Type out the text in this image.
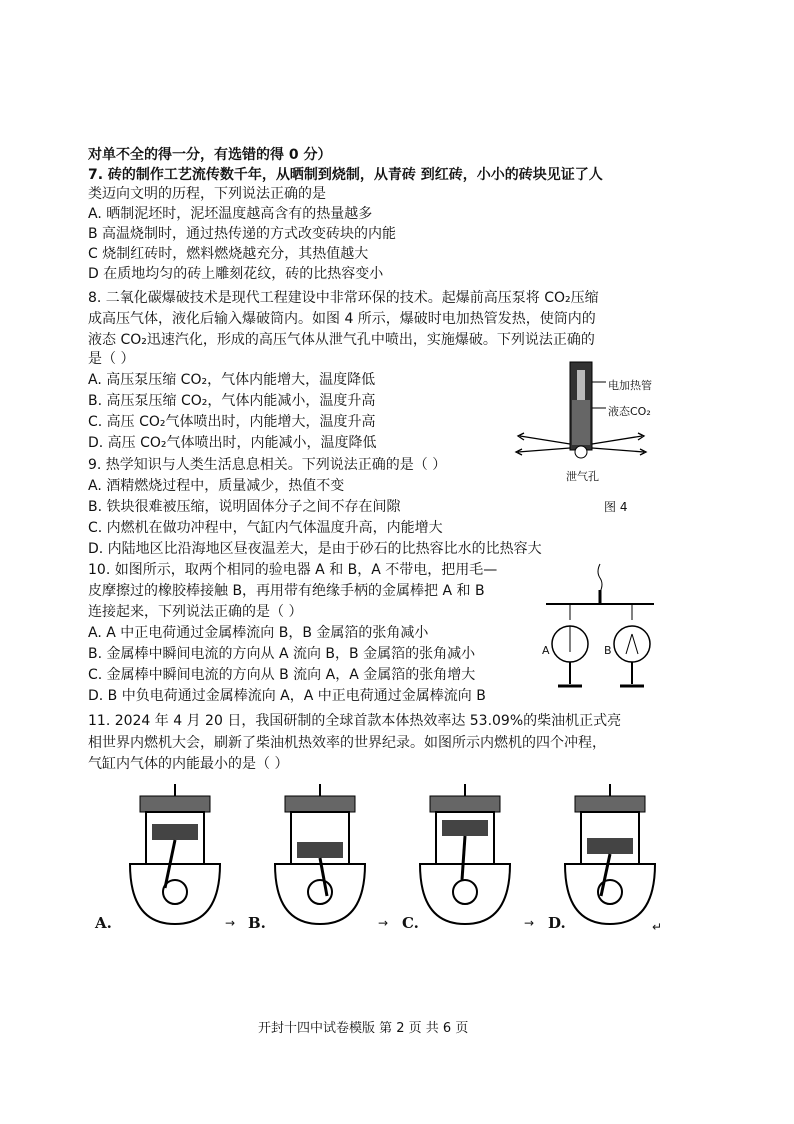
对单不全的得一分，有选错的得 0 分）
7. 砖的制作工艺流传数千年，从晒制到烧制，从青砖 到红砖，小小的砖块见证了人
类迈向文明的历程，下列说法正确的是
A. 晒制泥坯时，泥坯温度越高含有的热量越多
B 高温烧制时，通过热传递的方式改变砖块的内能
C 烧制红砖时，燃料燃烧越充分，其热值越大
D 在质地均匀的砖上雕刻花纹，砖的比热容变小
8. 二氧化碳爆破技术是现代工程建设中非常环保的技术。起爆前高压泵将 CO₂压缩
成高压气体，液化后输入爆破筒内。如图 4 所示，爆破时电加热管发热，使筒内的
液态 CO₂迅速汽化，形成的高压气体从泄气孔中喷出，实施爆破。下列说法正确的
是（ ）
A. 高压泵压缩 CO₂，气体内能增大，温度降低
B. 高压泵压缩 CO₂，气体内能减小，温度升高
C. 高压 CO₂气体喷出时，内能增大，温度升高
D. 高压 CO₂气体喷出时，内能减小，温度降低
电加热管
液态CO₂
泄气孔
图 4
9. 热学知识与人类生活息息相关。下列说法正确的是（ ）
A. 酒精燃烧过程中，质量减少，热值不变
B. 铁块很难被压缩，说明固体分子之间不存在间隙
C. 内燃机在做功冲程中，气缸内气体温度升高，内能增大
D. 内陆地区比沿海地区昼夜温差大，是由于砂石的比热容比水的比热容大
10. 如图所示，取两个相同的验电器 A 和 B，A 不带电，把用毛—
皮摩擦过的橡胶棒接触 B，再用带有绝缘手柄的金属棒把 A 和 B
连接起来，下列说法正确的是（ ）
A. A 中正电荷通过金属棒流向 B，B 金属箔的张角减小
B. 金属棒中瞬间电流的方向从 A 流向 B，B 金属箔的张角减小
C. 金属棒中瞬间电流的方向从 B 流向 A，A 金属箔的张角增大
D. B 中负电荷通过金属棒流向 A，A 中正电荷通过金属棒流向 B
A	B
11. 2024 年 4 月 20 日，我国研制的全球首款本体热效率达 53.09%的柴油机正式亮
相世界内燃机大会，刷新了柴油机热效率的世界纪录。如图所示内燃机的四个冲程，
气缸内气体的内能最小的是（ ）
A.	→ B.	→ C.	→ D.	↵
开封十四中试卷模版 第 2 页 共 6 页
